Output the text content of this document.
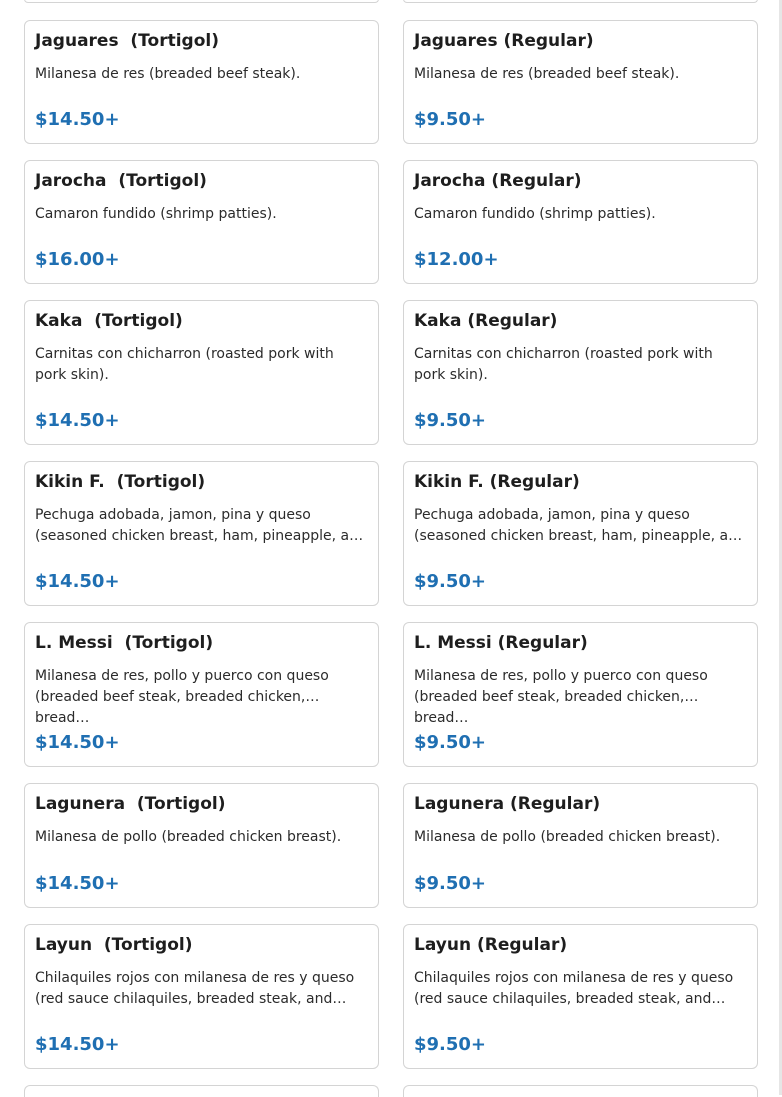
Jaguares  (Tortigol)
Milanesa de res (breaded beef steak).
$14.50+
Jaguares (Regular)
Milanesa de res (breaded beef steak).
$9.50+
Jarocha  (Tortigol)
Camaron fundido (shrimp patties).
$16.00+
Jarocha (Regular)
Camaron fundido (shrimp patties).
$12.00+
Kaka  (Tortigol)
Carnitas con chicharron (roasted pork with pork skin).
$14.50+
Kaka (Regular)
Carnitas con chicharron (roasted pork with pork skin).
$9.50+
Kikin F.  (Tortigol)
Pechuga adobada, jamon, pina y queso (seasoned chicken breast, ham, pineapple, a…
$14.50+
Kikin F. (Regular)
Pechuga adobada, jamon, pina y queso (seasoned chicken breast, ham, pineapple, a…
$9.50+
L. Messi  (Tortigol)
Milanesa de res, pollo y puerco con queso (breaded beef steak, breaded chicken, bread…
$14.50+
L. Messi (Regular)
Milanesa de res, pollo y puerco con queso (breaded beef steak, breaded chicken, bread…
$9.50+
Lagunera  (Tortigol)
Milanesa de pollo (breaded chicken breast).
$14.50+
Lagunera (Regular)
Milanesa de pollo (breaded chicken breast).
$9.50+
Layun  (Tortigol)
Chilaquiles rojos con milanesa de res y queso (red sauce chilaquiles, breaded steak, and…
$14.50+
Layun (Regular)
Chilaquiles rojos con milanesa de res y queso (red sauce chilaquiles, breaded steak, and…
$9.50+
